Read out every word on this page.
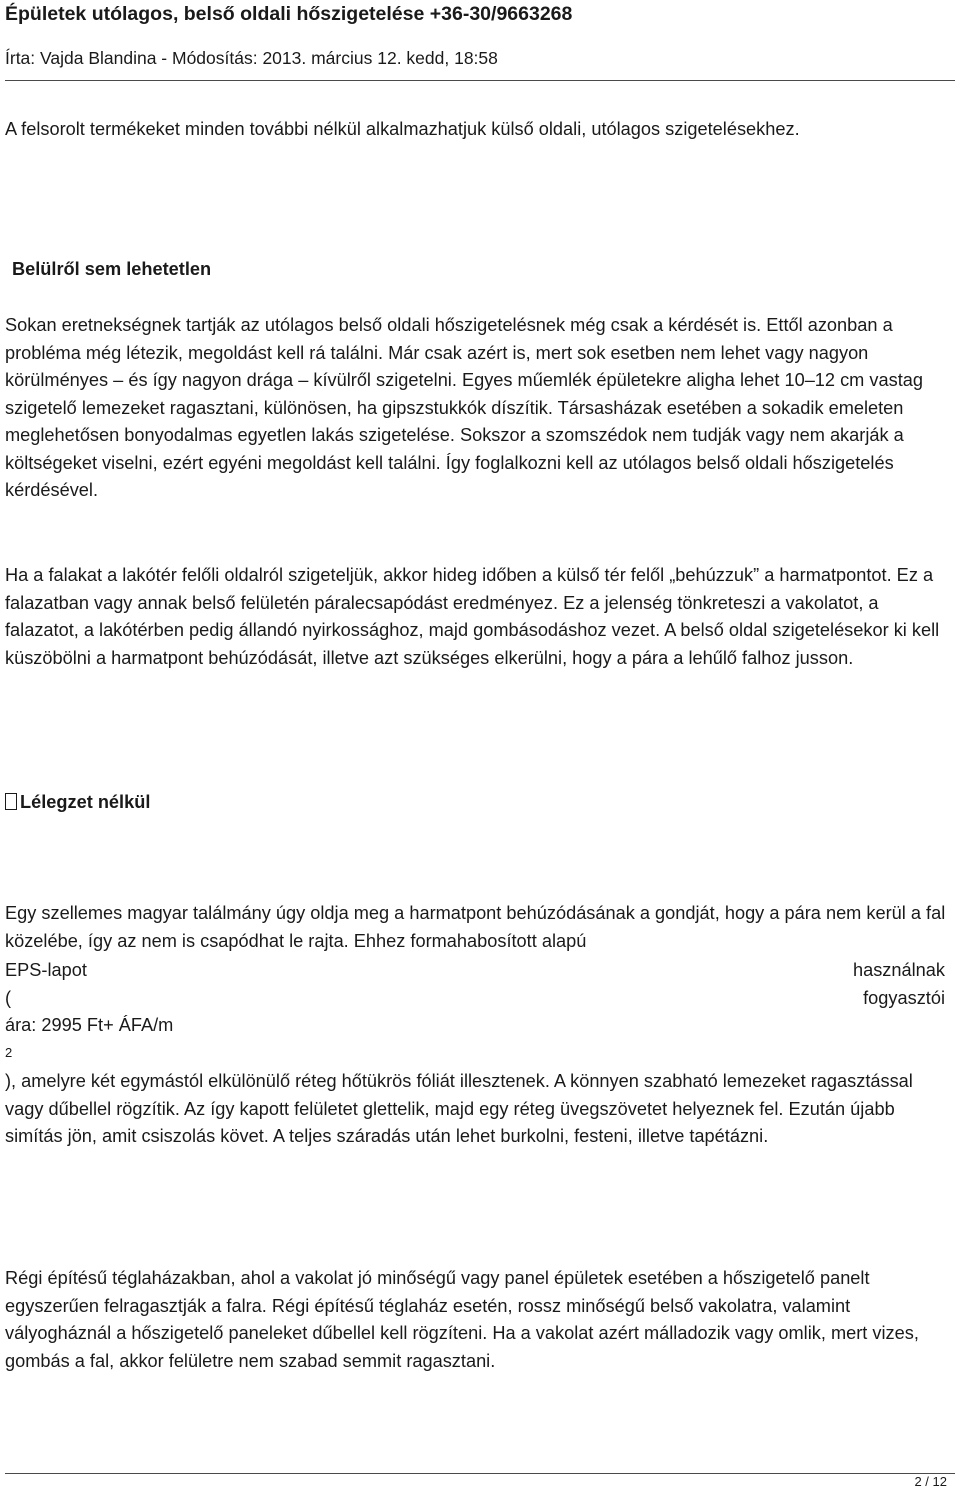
Épületek utólagos, belső oldali hőszigetelése +36-30/9663268
Írta: Vajda Blandina - Módosítás: 2013. március 12. kedd, 18:58

A felsorolt termékeket minden további nélkül alkalmazhatjuk külső oldali, utólagos szigetelésekhez.

Belülről sem lehetetlen

Sokan eretnekségnek tartják az utólagos belső oldali hőszigetelésnek még csak a kérdését is. Ettől azonban a probléma még létezik, megoldást kell rá találni. Már csak azért is, mert sok esetben nem lehet vagy nagyon körülményes – és így nagyon drága – kívülről szigetelni. Egyes műemlék épületekre aligha lehet 10–12 cm vastag szigetelő lemezeket ragasztani, különösen, ha gipszstukkók díszítik. Társasházak esetében a sokadik emeleten meglehetősen bonyodalmas egyetlen lakás szigetelése. Sokszor a szomszédok nem tudják vagy nem akarják a költségeket viselni, ezért egyéni megoldást kell találni. Így foglalkozni kell az utólagos belső oldali hőszigetelés kérdésével.

Ha a falakat a lakótér felőli oldalról szigeteljük, akkor hideg időben a külső tér felől „behúzzuk” a harmatpontot. Ez a falazatban vagy annak belső felületén páralecsapódást eredményez. Ez a jelenség tönkreteszi a vakolatot, a falazatot, a lakótérben pedig állandó nyirkossághoz, majd gombásodáshoz vezet. A belső oldal szigetelésekor ki kell küszöbölni a harmatpont behúzódását, illetve azt szükséges elkerülni, hogy a pára a lehűlő falhoz jusson.

Lélegzet nélkül

Egy szellemes magyar találmány úgy oldja meg a harmatpont behúzódásának a gondját, hogy a pára nem kerül a fal közelébe, így az nem is csapódhat le rajta. Ehhez formahabosított alapú

EPS-lapot	használnak
(	fogyasztói
ára: 2995 Ft+ ÁFA/m
2

), amelyre két egymástól elkülönülő réteg hőtükrös fóliát illesztenek. A könnyen szabható lemezeket ragasztással vagy dűbellel rögzítik. Az így kapott felületet glettelik, majd egy réteg üvegszövetet helyeznek fel. Ezután újabb simítás jön, amit csiszolás követ. A teljes száradás után lehet burkolni, festeni, illetve tapétázni.

Régi építésű téglaházakban, ahol a vakolat jó minőségű vagy panel épületek esetében a hőszigetelő panelt egyszerűen felragasztják a falra. Régi építésű téglaház esetén, rossz minőségű belső vakolatra, valamint vályogháznál a hőszigetelő paneleket dűbellel kell rögzíteni. Ha a vakolat azért málladozik vagy omlik, mert vizes, gombás a fal, akkor felületre nem szabad semmit ragasztani.

2 / 12
